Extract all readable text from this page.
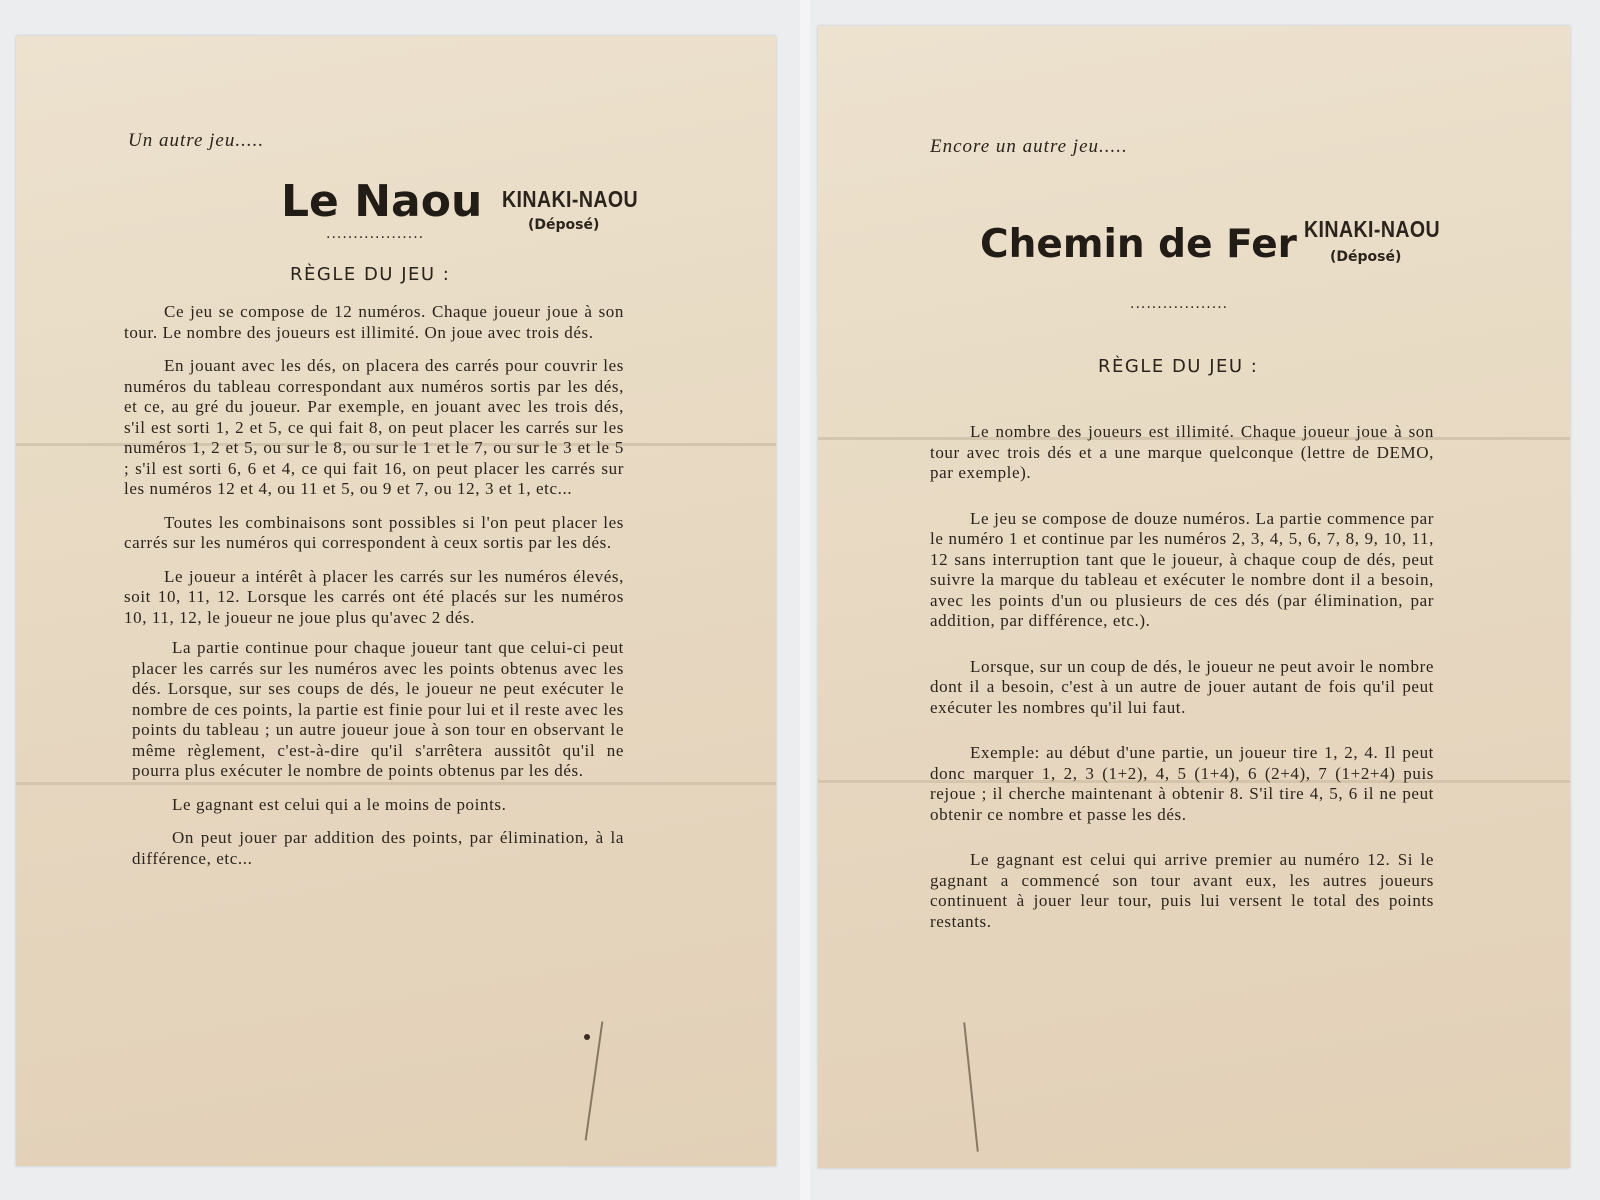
Un autre jeu.....
Le Naou KINAKI-NAOU
(Déposé)
..................
RÈGLE DU JEU :

Ce jeu se compose de 12 numéros. Chaque joueur joue à son tour. Le nombre des joueurs est illimité. On joue avec trois dés.

En jouant avec les dés, on placera des carrés pour couvrir les numéros du tableau correspondant aux numéros sortis par les dés, et ce, au gré du joueur. Par exemple, en jouant avec les trois dés, s'il est sorti 1, 2 et 5, ce qui fait 8, on peut placer les carrés sur les numéros 1, 2 et 5, ou sur le 8, ou sur le 1 et le 7, ou sur le 3 et le 5 ; s'il est sorti 6, 6 et 4, ce qui fait 16, on peut placer les carrés sur les numéros 12 et 4, ou 11 et 5, ou 9 et 7, ou 12, 3 et 1, etc...

Toutes les combinaisons sont possibles si l'on peut placer les carrés sur les numéros qui correspondent à ceux sortis par les dés.

Le joueur a intérêt à placer les carrés sur les numéros élevés, soit 10, 11, 12. Lorsque les carrés ont été placés sur les numéros 10, 11, 12, le joueur ne joue plus qu'avec 2 dés.

La partie continue pour chaque joueur tant que celui-ci peut placer les carrés sur les numéros avec les points obtenus avec les dés. Lorsque, sur ses coups de dés, le joueur ne peut exécuter le nombre de ces points, la partie est finie pour lui et il reste avec les points du tableau ; un autre joueur joue à son tour en observant le même règlement, c'est-à-dire qu'il s'arrêtera aussitôt qu'il ne pourra plus exécuter le nombre de points obtenus par les dés.

Le gagnant est celui qui a le moins de points.

On peut jouer par addition des points, par élimination, à la différence, etc...

Encore un autre jeu.....
Chemin de Fer KINAKI-NAOU
(Déposé)
..................
RÈGLE DU JEU :

Le nombre des joueurs est illimité. Chaque joueur joue à son tour avec trois dés et a une marque quelconque (lettre de DEMO, par exemple).

Le jeu se compose de douze numéros. La partie commence par le numéro 1 et continue par les numéros 2, 3, 4, 5, 6, 7, 8, 9, 10, 11, 12 sans interruption tant que le joueur, à chaque coup de dés, peut suivre la marque du tableau et exécuter le nombre dont il a besoin, avec les points d'un ou plusieurs de ces dés (par élimination, par addition, par différence, etc.).

Lorsque, sur un coup de dés, le joueur ne peut avoir le nombre dont il a besoin, c'est à un autre de jouer autant de fois qu'il peut exécuter les nombres qu'il lui faut.

Exemple: au début d'une partie, un joueur tire 1, 2, 4. Il peut donc marquer 1, 2, 3 (1+2), 4, 5 (1+4), 6 (2+4), 7 (1+2+4) puis rejoue ; il cherche maintenant à obtenir 8. S'il tire 4, 5, 6 il ne peut obtenir ce nombre et passe les dés.

Le gagnant est celui qui arrive premier au numéro 12. Si le gagnant a commencé son tour avant eux, les autres joueurs continuent à jouer leur tour, puis lui versent le total des points restants.
